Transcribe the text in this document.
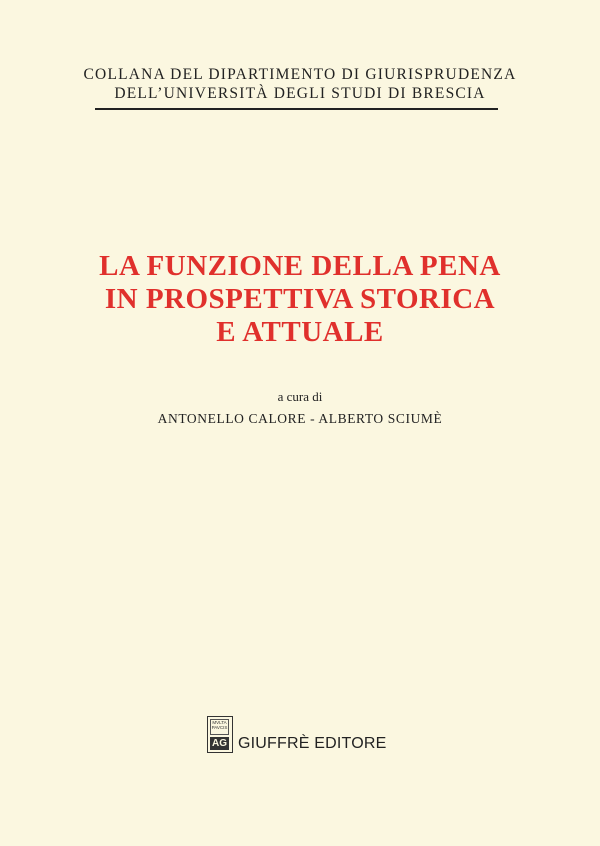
COLLANA DEL DIPARTIMENTO DI GIURISPRUDENZA
DELL’UNIVERSITÀ DEGLI STUDI DI BRESCIA
LA FUNZIONE DELLA PENA
IN PROSPETTIVA STORICA
E ATTUALE
a cura di
ANTONELLO CALORE - ALBERTO SCIUMÈ
MVLTA PAVCIS
AG GIUFFRÈ EDITORE
